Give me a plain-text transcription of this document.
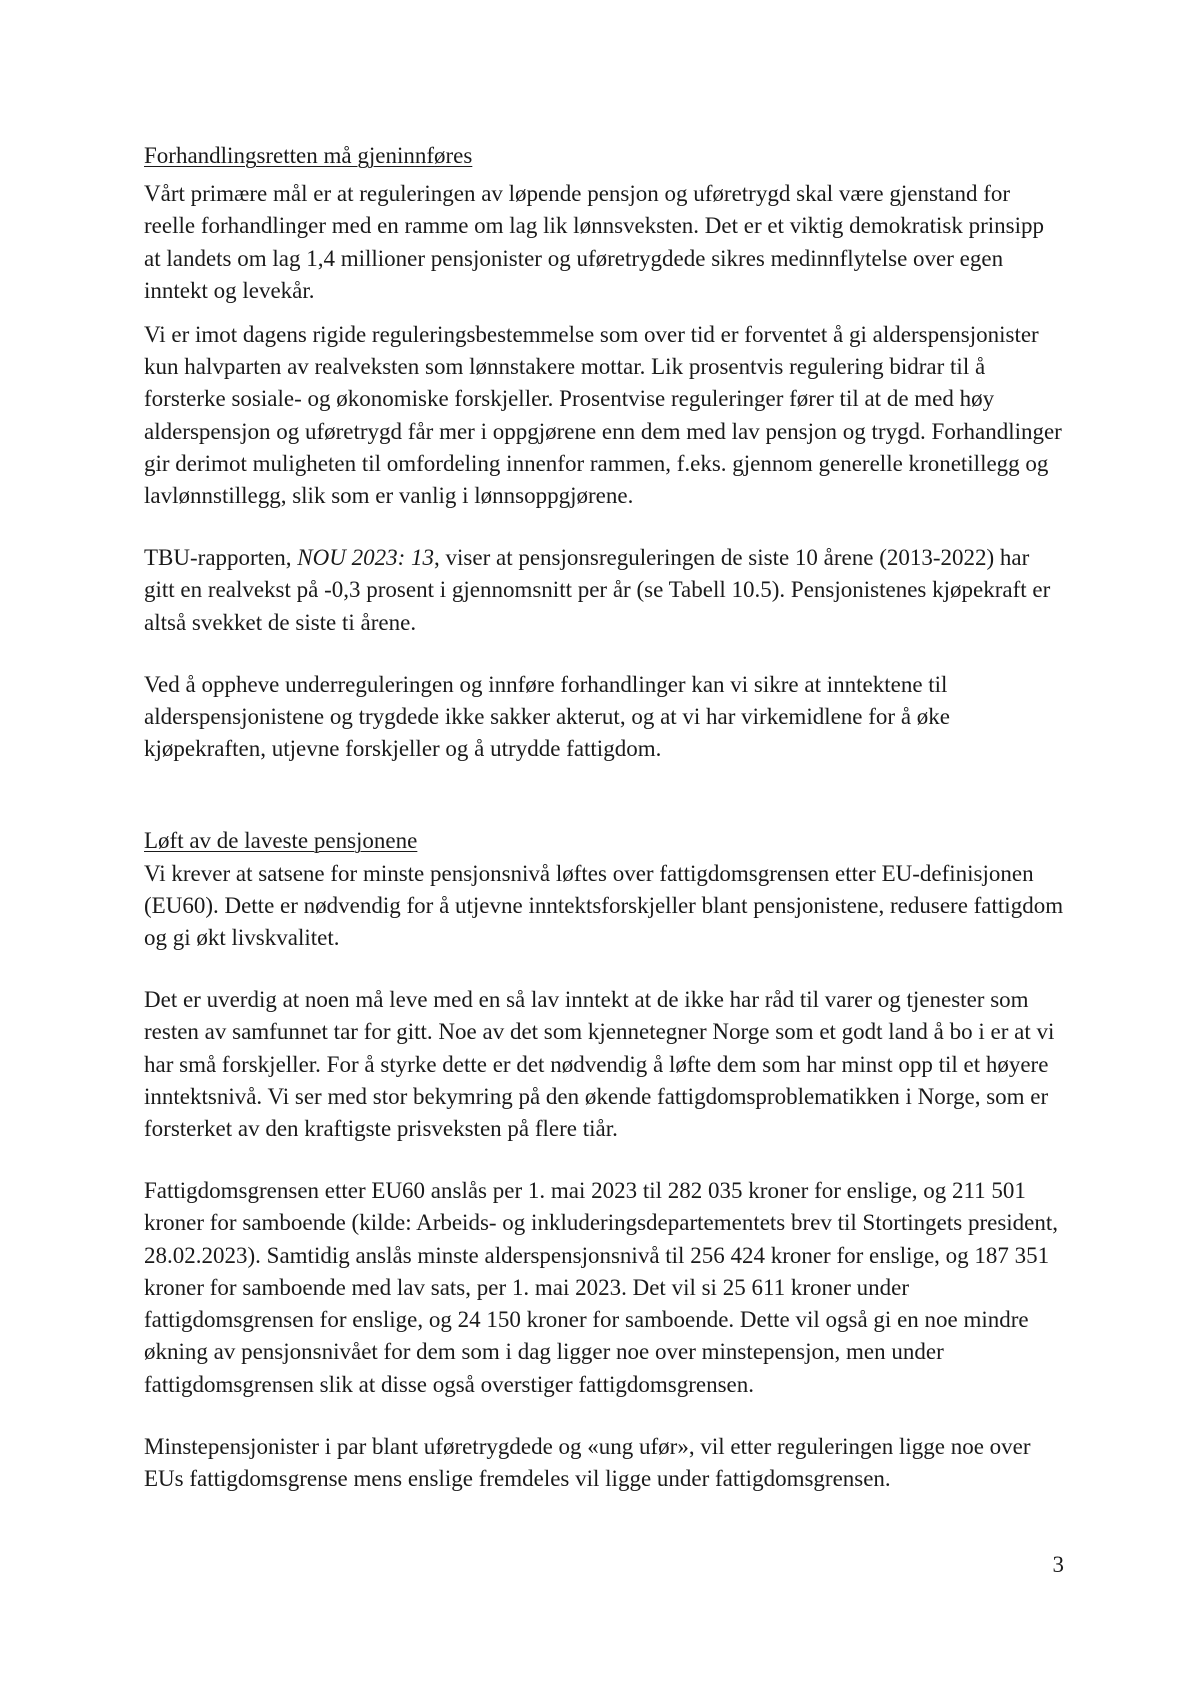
Forhandlingsretten må gjeninnføres

Vårt primære mål er at reguleringen av løpende pensjon og uføretrygd skal være gjenstand for reelle forhandlinger med en ramme om lag lik lønnsveksten. Det er et viktig demokratisk prinsipp at landets om lag 1,4 millioner pensjonister og uføretrygdede sikres medinnflytelse over egen inntekt og levekår.

Vi er imot dagens rigide reguleringsbestemmelse som over tid er forventet å gi alderspensjonister kun halvparten av realveksten som lønnstakere mottar. Lik prosentvis regulering bidrar til å forsterke sosiale- og økonomiske forskjeller. Prosentvise reguleringer fører til at de med høy alderspensjon og uføretrygd får mer i oppgjørene enn dem med lav pensjon og trygd. Forhandlinger gir derimot muligheten til omfordeling innenfor rammen, f.eks. gjennom generelle kronetillegg og lavlønnstillegg, slik som er vanlig i lønnsoppgjørene.

TBU-rapporten, NOU 2023: 13, viser at pensjonsreguleringen de siste 10 årene (2013-2022) har gitt en realvekst på -0,3 prosent i gjennomsnitt per år (se Tabell 10.5). Pensjonistenes kjøpekraft er altså svekket de siste ti årene.

Ved å oppheve underreguleringen og innføre forhandlinger kan vi sikre at inntektene til alderspensjonistene og trygdede ikke sakker akterut, og at vi har virkemidlene for å øke kjøpekraften, utjevne forskjeller og å utrydde fattigdom.

Løft av de laveste pensjonene

Vi krever at satsene for minste pensjonsnivå løftes over fattigdomsgrensen etter EU-definisjonen (EU60). Dette er nødvendig for å utjevne inntektsforskjeller blant pensjonistene, redusere fattigdom og gi økt livskvalitet.

Det er uverdig at noen må leve med en så lav inntekt at de ikke har råd til varer og tjenester som resten av samfunnet tar for gitt. Noe av det som kjennetegner Norge som et godt land å bo i er at vi har små forskjeller. For å styrke dette er det nødvendig å løfte dem som har minst opp til et høyere inntektsnivå. Vi ser med stor bekymring på den økende fattigdomsproblematikken i Norge, som er forsterket av den kraftigste prisveksten på flere tiår.

Fattigdomsgrensen etter EU60 anslås per 1. mai 2023 til 282 035 kroner for enslige, og 211 501 kroner for samboende (kilde: Arbeids- og inkluderingsdepartementets brev til Stortingets president, 28.02.2023). Samtidig anslås minste alderspensjonsnivå til 256 424 kroner for enslige, og 187 351 kroner for samboende med lav sats, per 1. mai 2023. Det vil si 25 611 kroner under fattigdomsgrensen for enslige, og 24 150 kroner for samboende. Dette vil også gi en noe mindre økning av pensjonsnivået for dem som i dag ligger noe over minstepensjon, men under fattigdomsgrensen slik at disse også overstiger fattigdomsgrensen.

Minstepensjonister i par blant uføretrygdede og «ung ufør», vil etter reguleringen ligge noe over EUs fattigdomsgrense mens enslige fremdeles vil ligge under fattigdomsgrensen.

3
